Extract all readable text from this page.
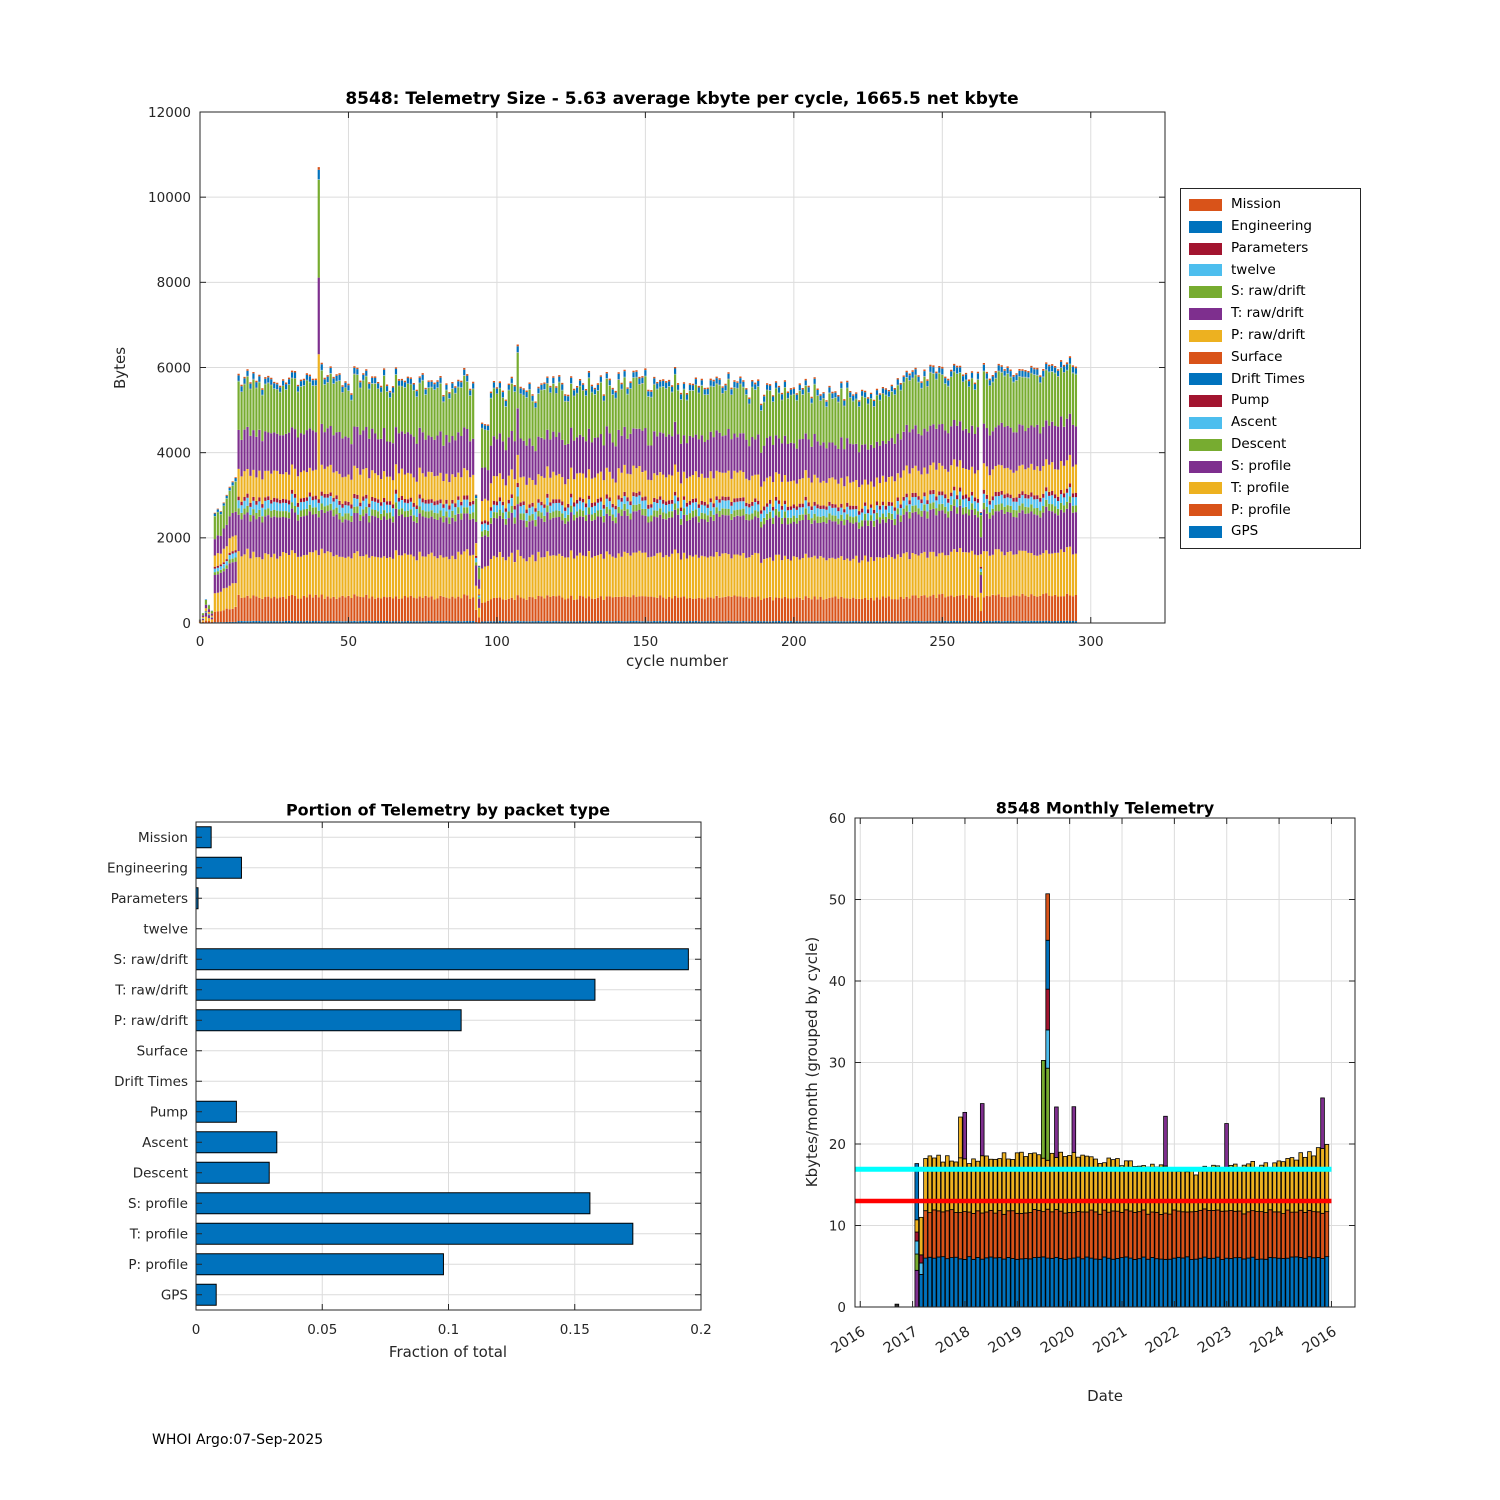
0	50	100	150	200	250	300
0
2000
4000
6000
8000
10000
12000
0	0.05	0.1	0.15	0.2
Mission
Engineering
Parameters
twelve
S: raw/drift
T: raw/drift
P: raw/drift
Surface
Drift Times
Pump
Ascent
Descent
S: profile
T: profile
P: profile
GPS
0
10
20
30
40
50
60
2016 2017 2018 2019 2020 2021 2022 2023 2024 2016
8548: Telemetry Size - 5.63 average kbyte per cycle, 1665.5 net kbyte
Bytes
cycle number
Mission
Engineering
Parameters
twelve
S: raw/drift
T: raw/drift
P: raw/drift
Surface
Drift Times
Pump
Ascent
Descent
S: profile
T: profile
P: profile
GPS
Portion of Telemetry by packet type
Fraction of total
8548 Monthly Telemetry
Kbytes/month (grouped by cycle)
Date
WHOI Argo:07-Sep-2025
